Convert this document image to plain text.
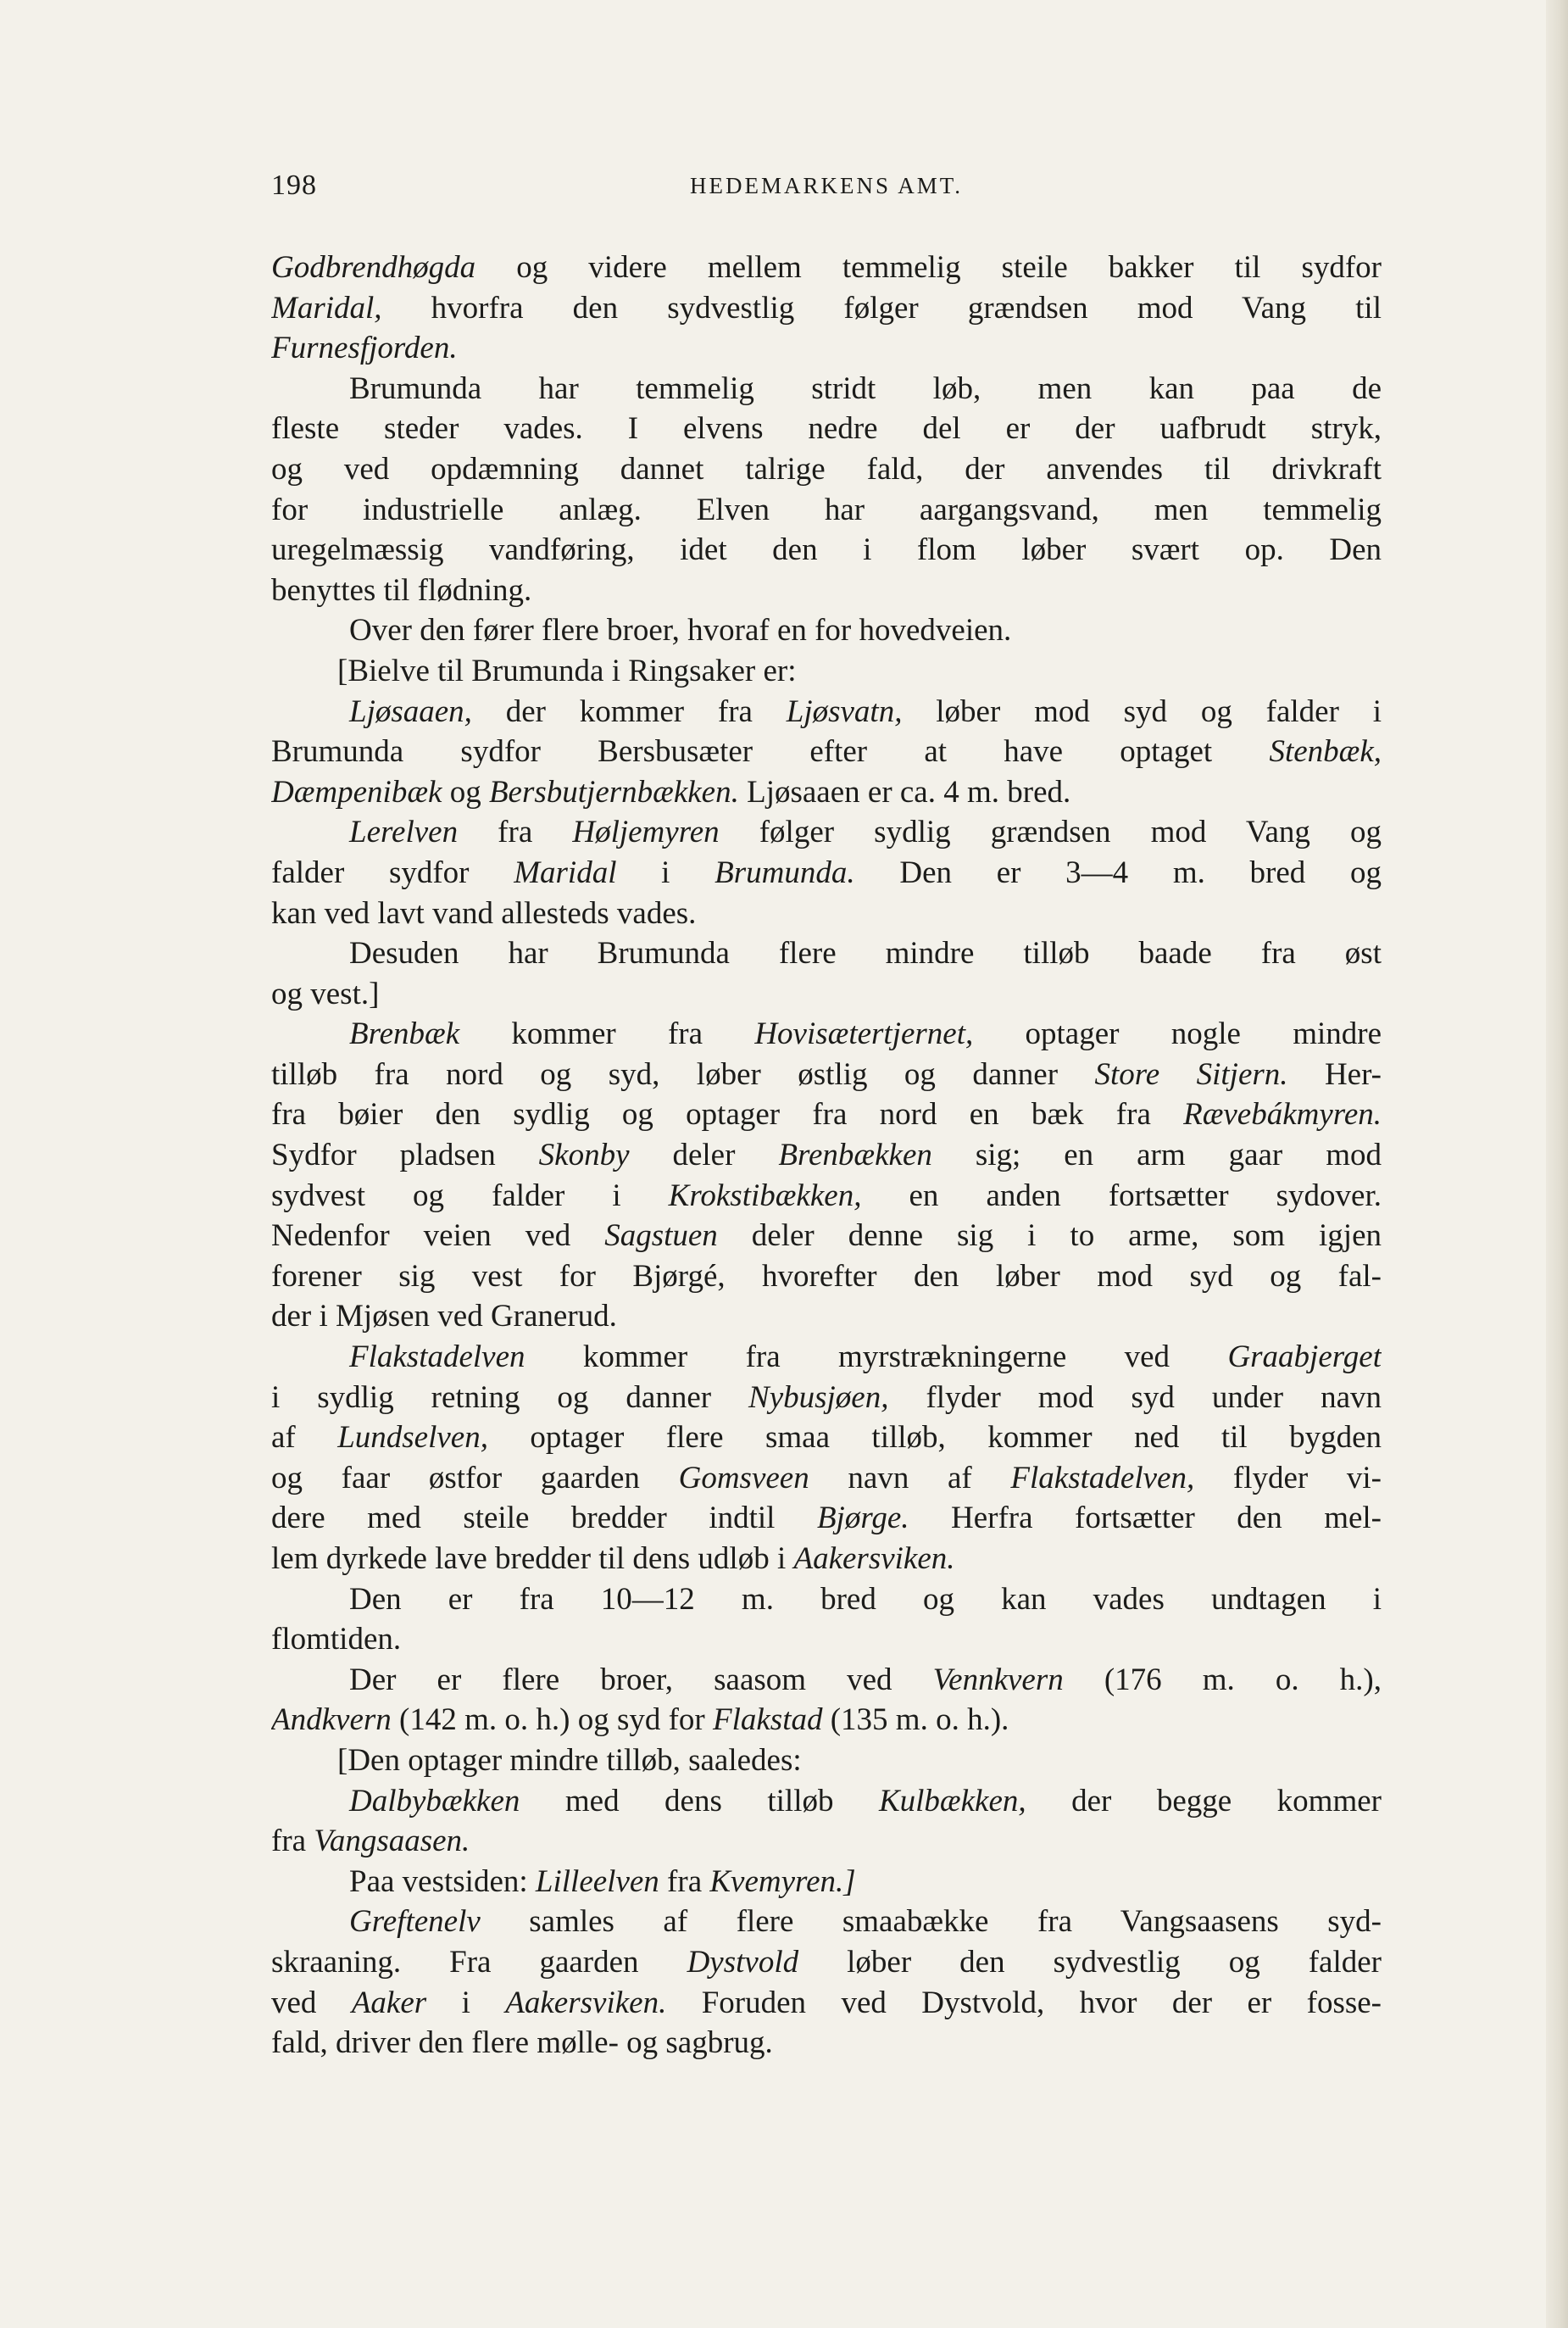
198	HEDEMARKENS AMT.
Godbrendhøgda og videre mellem temmelig steile bakker til sydfor
Maridal, hvorfra den sydvestlig følger grændsen mod Vang til
Furnesfjorden.
Brumunda har temmelig stridt løb, men kan paa de
fleste steder vades. I elvens nedre del er der uafbrudt stryk,
og ved opdæmning dannet talrige fald, der anvendes til drivkraft
for industrielle anlæg. Elven har aargangsvand, men temmelig
uregelmæssig vandføring, idet den i flom løber svært op. Den
benyttes til flødning.
Over den fører flere broer, hvoraf en for hovedveien.
[Bielve til Brumunda i Ringsaker er:
Ljøsaaen, der kommer fra Ljøsvatn, løber mod syd og falder i
Brumunda sydfor Bersbusæter efter at have optaget Stenbæk,
Dæmpenibæk og Bersbutjernbækken. Ljøsaaen er ca. 4 m. bred.
Lerelven fra Høljemyren følger sydlig grændsen mod Vang og
falder sydfor Maridal i Brumunda. Den er 3—4 m. bred og
kan ved lavt vand allesteds vades.
Desuden har Brumunda flere mindre tilløb baade fra øst
og vest.]
Brenbæk kommer fra Hovisætertjernet, optager nogle mindre
tilløb fra nord og syd, løber østlig og danner Store Sitjern. Her-
fra bøier den sydlig og optager fra nord en bæk fra Rævebákmyren.
Sydfor pladsen Skonby deler Brenbækken sig; en arm gaar mod
sydvest og falder i Krokstibækken, en anden fortsætter sydover.
Nedenfor veien ved Sagstuen deler denne sig i to arme, som igjen
forener sig vest for Bjørgé, hvorefter den løber mod syd og fal-
der i Mjøsen ved Granerud.
Flakstadelven kommer fra myrstrækningerne ved Graabjerget
i sydlig retning og danner Nybusjøen, flyder mod syd under navn
af Lundselven, optager flere smaa tilløb, kommer ned til bygden
og faar østfor gaarden Gomsveen navn af Flakstadelven, flyder vi-
dere med steile bredder indtil Bjørge. Herfra fortsætter den mel-
lem dyrkede lave bredder til dens udløb i Aakersviken.
Den er fra 10—12 m. bred og kan vades undtagen i
flomtiden.
Der er flere broer, saasom ved Vennkvern (176 m. o. h.),
Andkvern (142 m. o. h.) og syd for Flakstad (135 m. o. h.).
[Den optager mindre tilløb, saaledes:
Dalbybækken med dens tilløb Kulbækken, der begge kommer
fra Vangsaasen.
Paa vestsiden: Lilleelven fra Kvemyren.]
Greftenelv samles af flere smaabække fra Vangsaasens syd-
skraaning. Fra gaarden Dystvold løber den sydvestlig og falder
ved Aaker i Aakersviken. Foruden ved Dystvold, hvor der er fosse-
fald, driver den flere mølle- og sagbrug.
